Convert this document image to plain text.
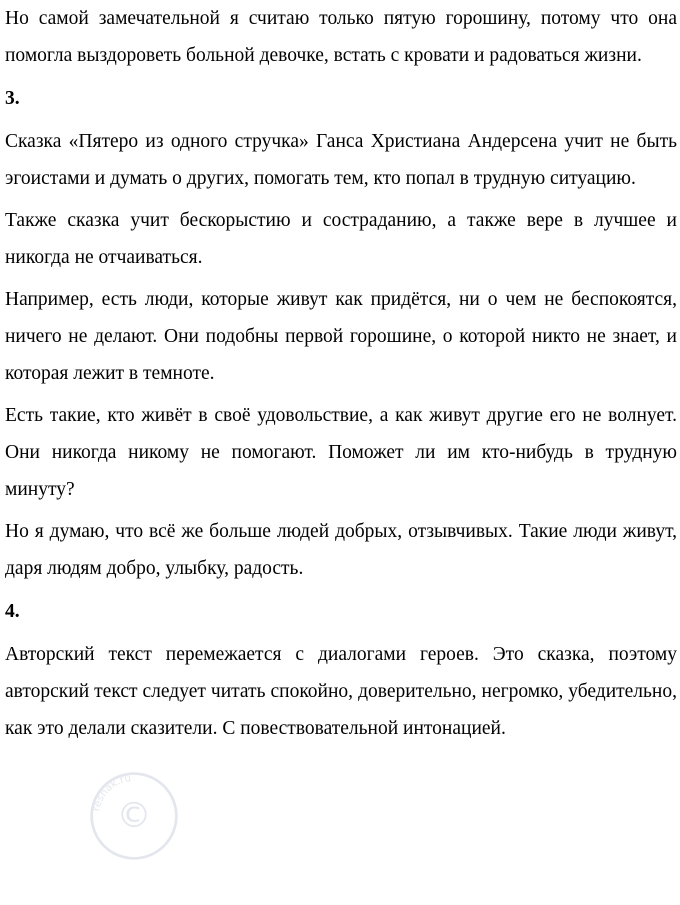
Но самой замечательной я считаю только пятую горошину, потому что она помогла выздороветь больной девочке, встать с кровати и радоваться жизни.

3.

Сказка «Пятеро из одного стручка» Ганса Христиана Андерсена учит не быть эгоистами и думать о других, помогать тем, кто попал в трудную ситуацию.

Также сказка учит бескорыстию и состраданию, а также вере в лучшее и никогда не отчаиваться.

Например, есть люди, которые живут как придётся, ни о чем не беспокоятся, ничего не делают. Они подобны первой горошине, о которой никто не знает, и которая лежит в темноте.

Есть такие, кто живёт в своё удовольствие, а как живут другие его не волнует. Они никогда никому не помогают. Поможет ли им кто-нибудь в трудную минуту?

Но я думаю, что всё же больше людей добрых, отзывчивых. Такие люди живут, даря людям добро, улыбку, радость.

4.

Авторский текст перемежается с диалогами героев. Это сказка, поэтому авторский текст следует читать спокойно, доверительно, негромко, убедительно, как это делали сказители. С повествовательной интонацией.

©
reshak.ru
